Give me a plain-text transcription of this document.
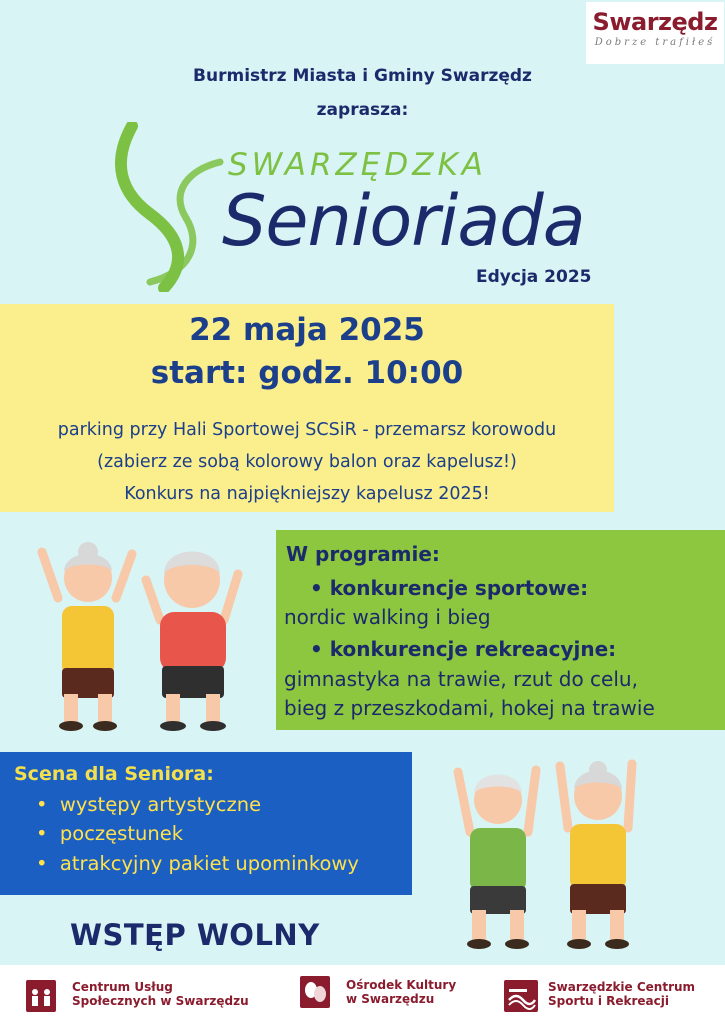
Swarzędz
Dobrze trafiłeś
Burmistrz Miasta i Gminy Swarzędz
zaprasza:
SWARZĘDZKA
Senioriada
Edycja 2025
22 maja 2025
start: godz. 10:00
parking przy Hali Sportowej SCSiR - przemarsz korowodu
(zabierz ze sobą kolorowy balon oraz kapelusz!)
Konkurs na najpiękniejszy kapelusz 2025!
W programie:
• konkurencje sportowe:
nordic walking i bieg
• konkurencje rekreacyjne:
gimnastyka na trawie, rzut do celu,
bieg z przeszkodami, hokej na trawie
Scena dla Seniora:
•  występy artystyczne
•  poczęstunek
•  atrakcyjny pakiet upominkowy
WSTĘP WOLNY
Centrum Usług
Społecznych w Swarzędzu
Ośrodek Kultury
w Swarzędzu
Swarzędzkie Centrum
Sportu i Rekreacji
